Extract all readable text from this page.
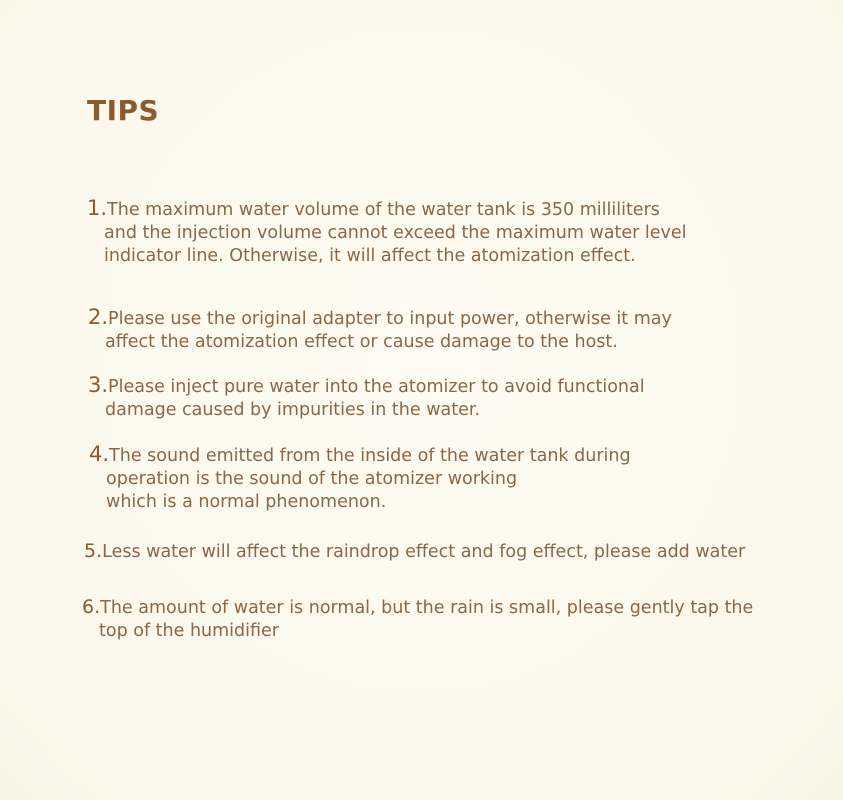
TIPS
1.The maximum water volume of the water tank is 350 milliliters
and the injection volume cannot exceed the maximum water level
indicator line. Otherwise, it will affect the atomization effect.
2.Please use the original adapter to input power, otherwise it may
affect the atomization effect or cause damage to the host.
3.Please inject pure water into the atomizer to avoid functional
damage caused by impurities in the water.
4.The sound emitted from the inside of the water tank during
operation is the sound of the atomizer working
which is a normal phenomenon.
5.Less water will affect the raindrop effect and fog effect, please add water
6.The amount of water is normal, but the rain is small, please gently tap the
top of the humidifier
